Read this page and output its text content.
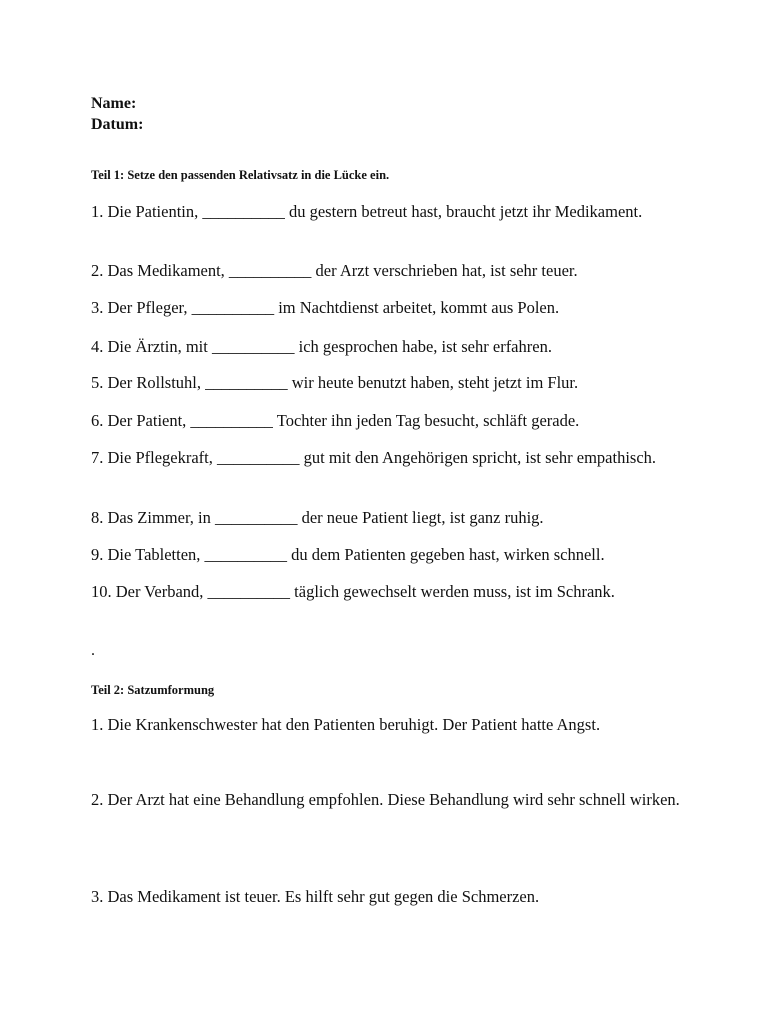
Name:
Datum:
Teil 1: Setze den passenden Relativsatz in die Lücke ein.
1. Die Patientin, __________ du gestern betreut hast, braucht jetzt ihr Medikament.
2. Das Medikament, __________ der Arzt verschrieben hat, ist sehr teuer.
3. Der Pfleger, __________ im Nachtdienst arbeitet, kommt aus Polen.
4. Die Ärztin, mit __________ ich gesprochen habe, ist sehr erfahren.
5. Der Rollstuhl, __________ wir heute benutzt haben, steht jetzt im Flur.
6. Der Patient, __________ Tochter ihn jeden Tag besucht, schläft gerade.
7. Die Pflegekraft, __________ gut mit den Angehörigen spricht, ist sehr empathisch.
8. Das Zimmer, in __________ der neue Patient liegt, ist ganz ruhig.
9. Die Tabletten, __________ du dem Patienten gegeben hast, wirken schnell.
10. Der Verband, __________ täglich gewechselt werden muss, ist im Schrank.
.
Teil 2: Satzumformung
1. Die Krankenschwester hat den Patienten beruhigt. Der Patient hatte Angst.
2. Der Arzt hat eine Behandlung empfohlen. Diese Behandlung wird sehr schnell wirken.
3. Das Medikament ist teuer. Es hilft sehr gut gegen die Schmerzen.
